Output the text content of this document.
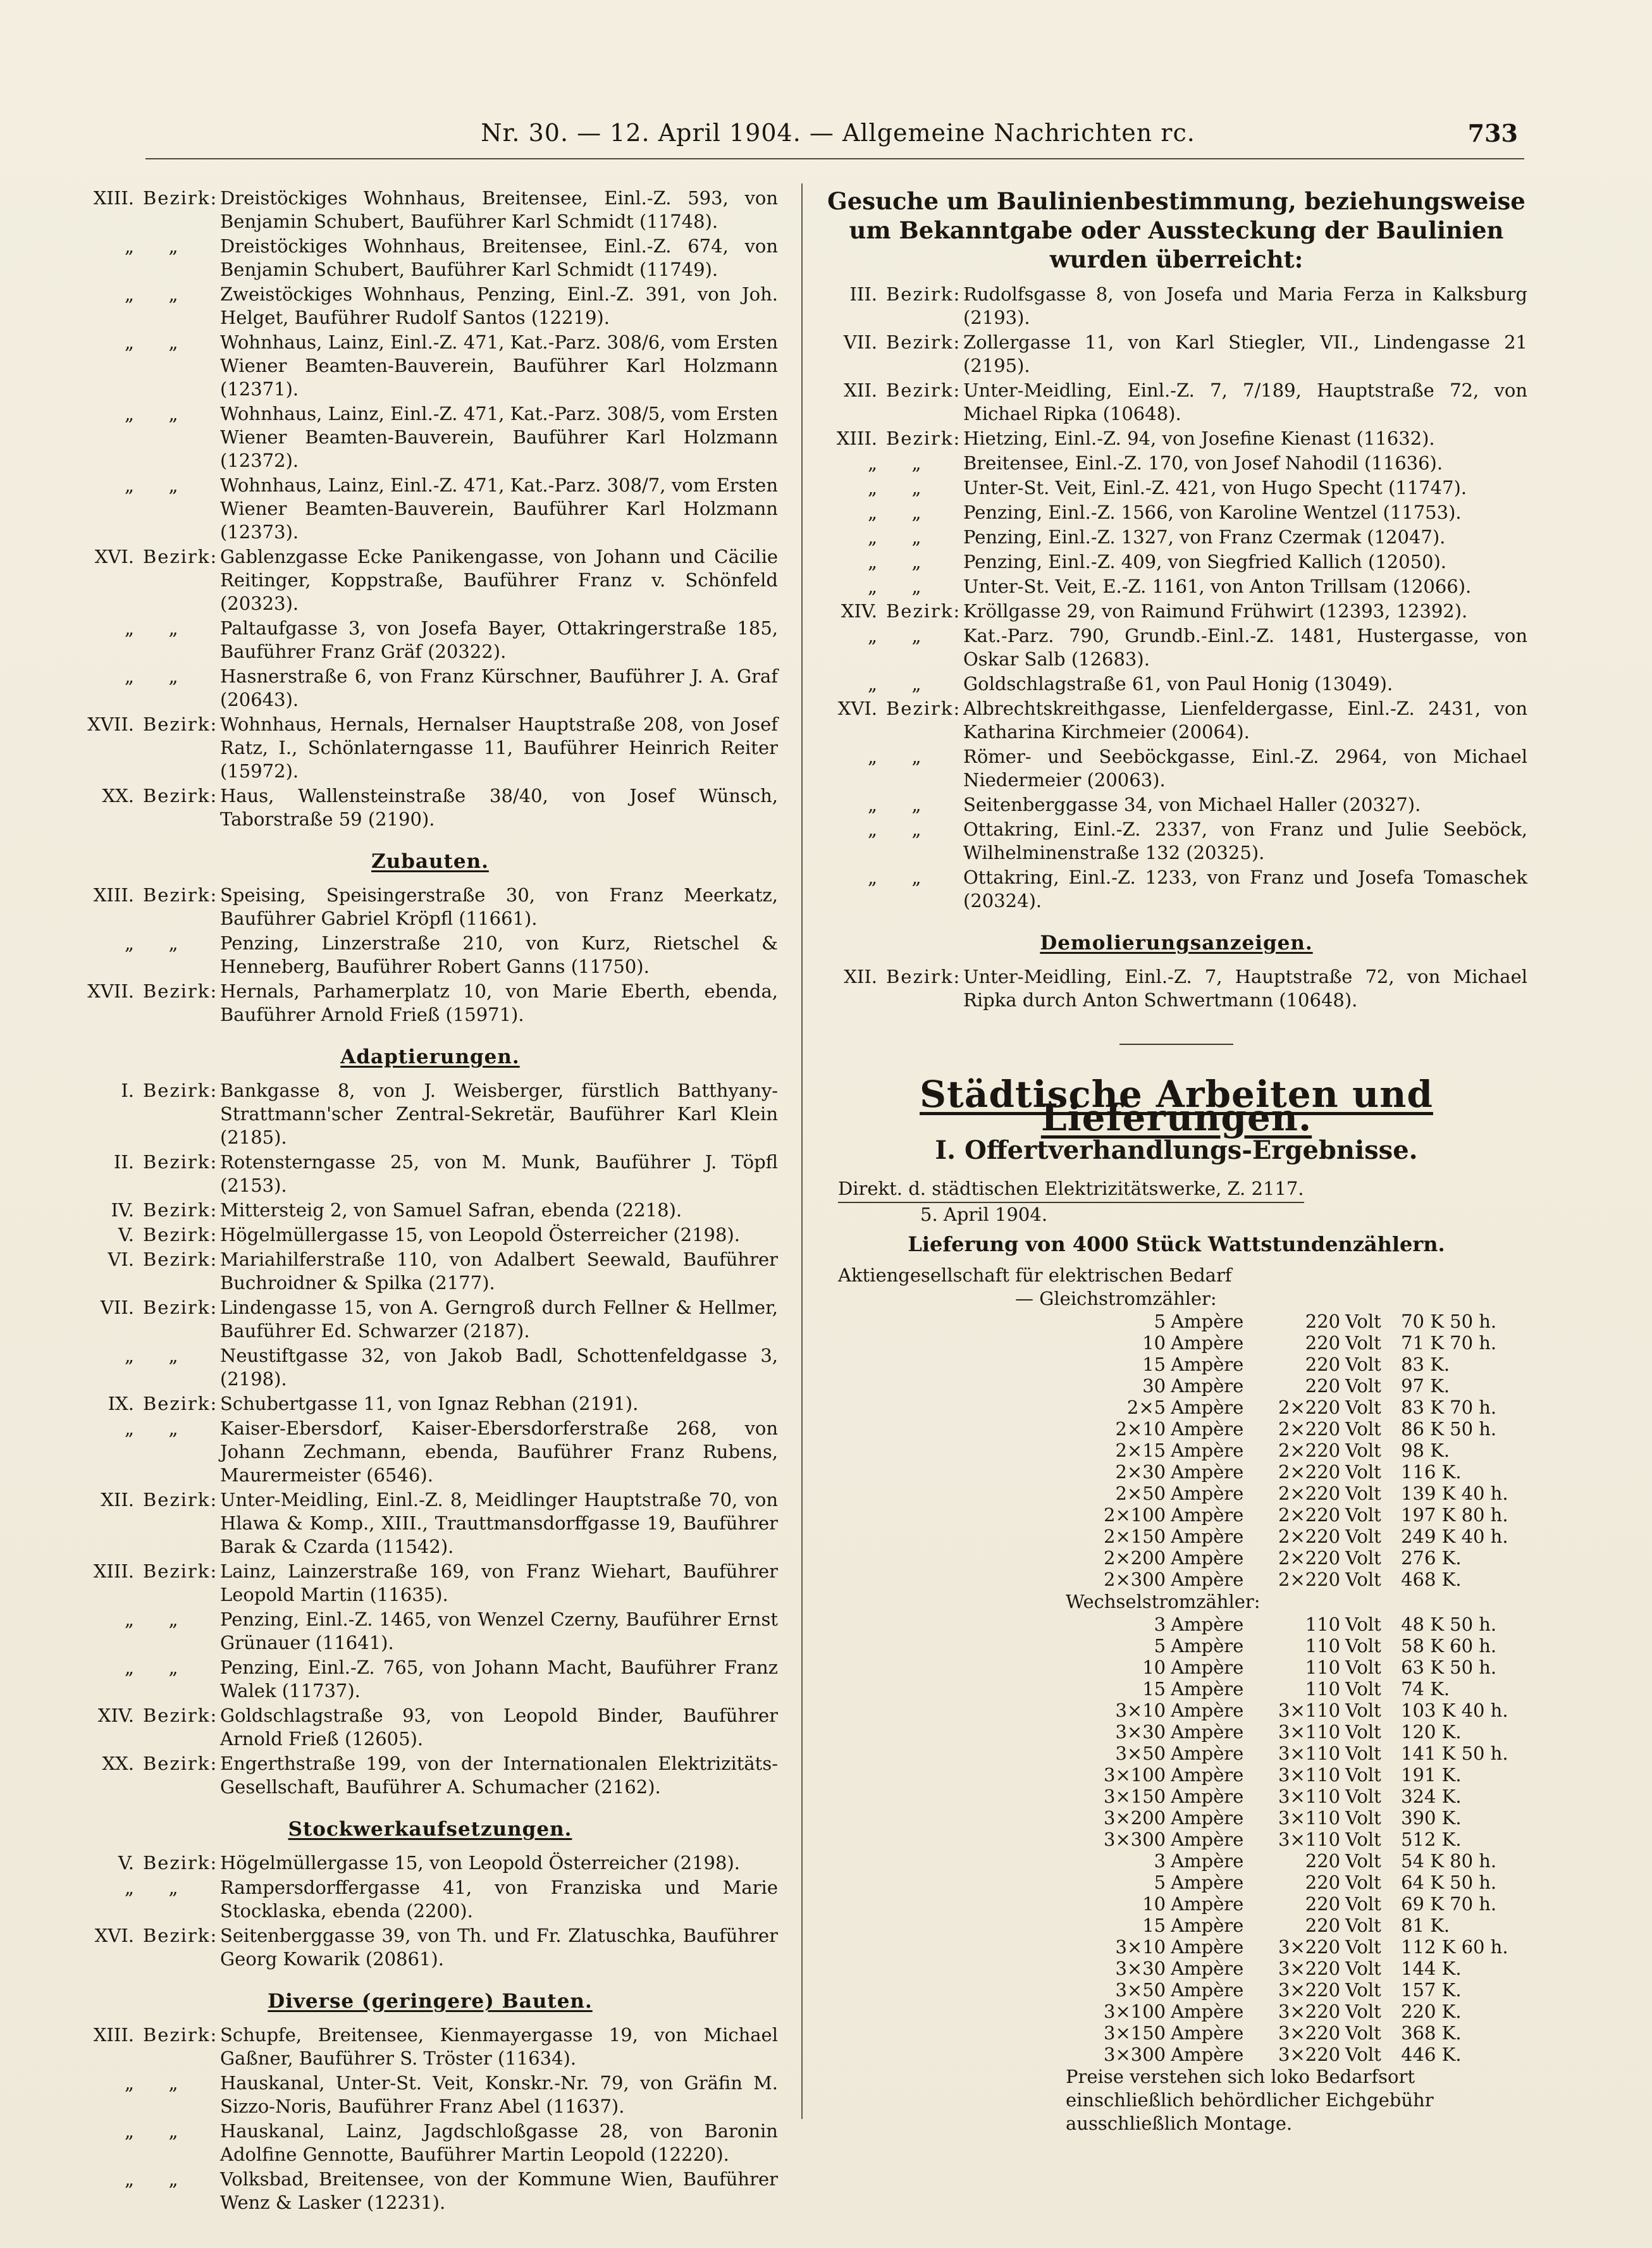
Nr. 30. — 12. April 1904. — Allgemeine Nachrichten rc.	733
XIII. Bezirk: Dreistöckiges Wohnhaus, Breitensee, Einl.-Z. 593, von Benjamin Schubert, Bauführer Karl Schmidt (11748).
„ „	Dreistöckiges Wohnhaus, Breitensee, Einl.-Z. 674, von Benjamin Schubert, Bauführer Karl Schmidt (11749).
„ „	Zweistöckiges Wohnhaus, Penzing, Einl.-Z. 391, von Joh. Helget, Bauführer Rudolf Santos (12219).
„ „	Wohnhaus, Lainz, Einl.-Z. 471, Kat.-Parz. 308/6, vom Ersten Wiener Beamten-Bauverein, Bauführer Karl Holzmann (12371).
„ „	Wohnhaus, Lainz, Einl.-Z. 471, Kat.-Parz. 308/5, vom Ersten Wiener Beamten-Bauverein, Bauführer Karl Holzmann (12372).
„ „	Wohnhaus, Lainz, Einl.-Z. 471, Kat.-Parz. 308/7, vom Ersten Wiener Beamten-Bauverein, Bauführer Karl Holzmann (12373).
XVI. Bezirk: Gablenzgasse Ecke Panikengasse, von Johann und Cäcilie Reitinger, Koppstraße, Bauführer Franz v. Schönfeld (20323).
„ „	Paltaufgasse 3, von Josefa Bayer, Ottakringerstraße 185, Bauführer Franz Gräf (20322).
„ „	Hasnerstraße 6, von Franz Kürschner, Bauführer J. A. Graf (20643).
XVII. Bezirk: Wohnhaus, Hernals, Hernalser Hauptstraße 208, von Josef Ratz, I., Schönlaterngasse 11, Bauführer Heinrich Reiter (15972).
XX. Bezirk: Haus, Wallensteinstraße 38/40, von Josef Wünsch, Taborstraße 59 (2190).
Zubauten.
XIII. Bezirk: Speising, Speisingerstraße 30, von Franz Meerkatz, Bauführer Gabriel Kröpfl (11661).
„ „	Penzing, Linzerstraße 210, von Kurz, Rietschel & Henneberg, Bauführer Robert Ganns (11750).
XVII. Bezirk: Hernals, Parhamerplatz 10, von Marie Eberth, ebenda, Bauführer Arnold Frieß (15971).
Adaptierungen.
I. Bezirk: Bankgasse 8, von J. Weisberger, fürstlich Batthyany-Strattmann'scher Zentral-Sekretär, Bauführer Karl Klein (2185).
II. Bezirk: Rotensterngasse 25, von M. Munk, Bauführer J. Töpfl (2153).
IV. Bezirk: Mittersteig 2, von Samuel Safran, ebenda (2218).
V. Bezirk: Högelmüllergasse 15, von Leopold Österreicher (2198).
VI. Bezirk: Mariahilferstraße 110, von Adalbert Seewald, Bauführer Buchroidner & Spilka (2177).
VII. Bezirk: Lindengasse 15, von A. Gerngroß durch Fellner & Hellmer, Bauführer Ed. Schwarzer (2187).
„ „	Neustiftgasse 32, von Jakob Badl, Schottenfeldgasse 3, (2198).
IX. Bezirk: Schubertgasse 11, von Ignaz Rebhan (2191).
„ „	Kaiser-Ebersdorf, Kaiser-Ebersdorferstraße 268, von Johann Zechmann, ebenda, Bauführer Franz Rubens, Maurermeister (6546).
XII. Bezirk: Unter-Meidling, Einl.-Z. 8, Meidlinger Hauptstraße 70, von Hlawa & Komp., XIII., Trauttmansdorffgasse 19, Bauführer Barak & Czarda (11542).
XIII. Bezirk: Lainz, Lainzerstraße 169, von Franz Wiehart, Bauführer Leopold Martin (11635).
„ „	Penzing, Einl.-Z. 1465, von Wenzel Czerny, Bauführer Ernst Grünauer (11641).
„ „	Penzing, Einl.-Z. 765, von Johann Macht, Bauführer Franz Walek (11737).
XIV. Bezirk: Goldschlagstraße 93, von Leopold Binder, Bauführer Arnold Frieß (12605).
XX. Bezirk: Engerthstraße 199, von der Internationalen Elektrizitäts-Gesellschaft, Bauführer A. Schumacher (2162).
Stockwerkaufsetzungen.
V. Bezirk: Högelmüllergasse 15, von Leopold Österreicher (2198).
„ „	Rampersdorffergasse 41, von Franziska und Marie Stocklaska, ebenda (2200).
XVI. Bezirk: Seitenberggasse 39, von Th. und Fr. Zlatuschka, Bauführer Georg Kowarik (20861).
Diverse (geringere) Bauten.
XIII. Bezirk: Schupfe, Breitensee, Kienmayergasse 19, von Michael Gaßner, Bauführer S. Tröster (11634).
„ „	Hauskanal, Unter-St. Veit, Konskr.-Nr. 79, von Gräfin M. Sizzo-Noris, Bauführer Franz Abel (11637).
„ „	Hauskanal, Lainz, Jagdschloßgasse 28, von Baronin Adolfine Gennotte, Bauführer Martin Leopold (12220).
„ „	Volksbad, Breitensee, von der Kommune Wien, Bauführer Wenz & Lasker (12231).
Gesuche um Baulinienbestimmung, beziehungsweise um Bekanntgabe oder Aussteckung der Baulinien wurden überreicht:
III. Bezirk: Rudolfsgasse 8, von Josefa und Maria Ferza in Kalksburg (2193).
VII. Bezirk: Zollergasse 11, von Karl Stiegler, VII., Lindengasse 21 (2195).
XII. Bezirk: Unter-Meidling, Einl.-Z. 7, 7/189, Hauptstraße 72, von Michael Ripka (10648).
XIII. Bezirk: Hietzing, Einl.-Z. 94, von Josefine Kienast (11632).
„ „	Breitensee, Einl.-Z. 170, von Josef Nahodil (11636).
„ „	Unter-St. Veit, Einl.-Z. 421, von Hugo Specht (11747).
„ „	Penzing, Einl.-Z. 1566, von Karoline Wentzel (11753).
„ „	Penzing, Einl.-Z. 1327, von Franz Czermak (12047).
„ „	Penzing, Einl.-Z. 409, von Siegfried Kallich (12050).
„ „	Unter-St. Veit, E.-Z. 1161, von Anton Trillsam (12066).
XIV. Bezirk: Kröllgasse 29, von Raimund Frühwirt (12393, 12392).
„ „	Kat.-Parz. 790, Grundb.-Einl.-Z. 1481, Hustergasse, von Oskar Salb (12683).
„ „	Goldschlagstraße 61, von Paul Honig (13049).
XVI. Bezirk: Albrechtskreithgasse, Lienfeldergasse, Einl.-Z. 2431, von Katharina Kirchmeier (20064).
„ „	Römer- und Seeböckgasse, Einl.-Z. 2964, von Michael Niedermeier (20063).
„ „	Seitenberggasse 34, von Michael Haller (20327).
„ „	Ottakring, Einl.-Z. 2337, von Franz und Julie Seeböck, Wilhelminenstraße 132 (20325).
„ „	Ottakring, Einl.-Z. 1233, von Franz und Josefa Tomaschek (20324).
Demolierungsanzeigen.
XII. Bezirk: Unter-Meidling, Einl.-Z. 7, Hauptstraße 72, von Michael Ripka durch Anton Schwertmann (10648).
Städtische Arbeiten und Lieferungen.
I. Offertverhandlungs-Ergebnisse.
Direkt. d. städtischen Elektrizitätswerke, Z. 2117.
5. April 1904.
Lieferung von 4000 Stück Wattstundenzählern.
Aktiengesellschaft für elektrischen Bedarf
— Gleichstromzähler:
5	Ampère	220	Volt	70 K 50 h.
10	Ampère	220	Volt	71 K 70 h.
15	Ampère	220	Volt	83 K.
30	Ampère	220	Volt	97 K.
2×5	Ampère	2×220	Volt	83 K 70 h.
2×10	Ampère	2×220	Volt	86 K 50 h.
2×15	Ampère	2×220	Volt	98 K.
2×30	Ampère	2×220	Volt	116 K.
2×50	Ampère	2×220	Volt	139 K 40 h.
2×100	Ampère	2×220	Volt	197 K 80 h.
2×150	Ampère	2×220	Volt	249 K 40 h.
2×200	Ampère	2×220	Volt	276 K.
2×300	Ampère	2×220	Volt	468 K.
Wechselstromzähler:
3	Ampère	110	Volt	48 K 50 h.
5	Ampère	110	Volt	58 K 60 h.
10	Ampère	110	Volt	63 K 50 h.
15	Ampère	110	Volt	74 K.
3×10	Ampère	3×110	Volt	103 K 40 h.
3×30	Ampère	3×110	Volt	120 K.
3×50	Ampère	3×110	Volt	141 K 50 h.
3×100	Ampère	3×110	Volt	191 K.
3×150	Ampère	3×110	Volt	324 K.
3×200	Ampère	3×110	Volt	390 K.
3×300	Ampère	3×110	Volt	512 K.
3	Ampère	220	Volt	54 K 80 h.
5	Ampère	220	Volt	64 K 50 h.
10	Ampère	220	Volt	69 K 70 h.
15	Ampère	220	Volt	81 K.
3×10	Ampère	3×220	Volt	112 K 60 h.
3×30	Ampère	3×220	Volt	144 K.
3×50	Ampère	3×220	Volt	157 K.
3×100	Ampère	3×220	Volt	220 K.
3×150	Ampère	3×220	Volt	368 K.
3×300	Ampère	3×220	Volt	446 K.
Preise verstehen sich loko Bedarfsort einschließlich behördlicher Eichgebühr ausschließlich Montage.
